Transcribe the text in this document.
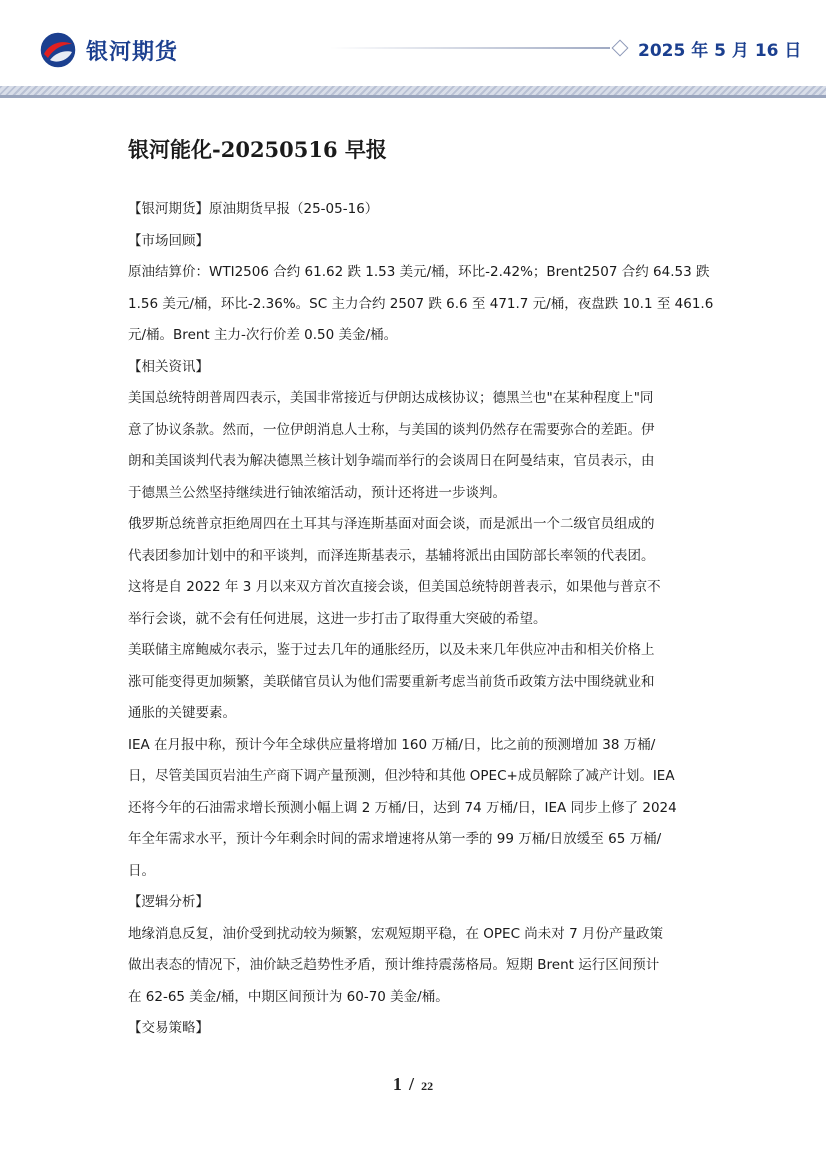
银河期货	2025 年 5 月 16 日
银河能化-20250516 早报
【银河期货】原油期货早报（25-05-16）
【市场回顾】
原油结算价：WTI2506 合约 61.62 跌 1.53 美元/桶，环比-2.42%；Brent2507 合约 64.53 跌
1.56 美元/桶，环比-2.36%。SC 主力合约 2507 跌 6.6 至 471.7 元/桶，夜盘跌 10.1 至 461.6
元/桶。Brent 主力-次行价差 0.50 美金/桶。
【相关资讯】
美国总统特朗普周四表示，美国非常接近与伊朗达成核协议；德黑兰也"在某种程度上"同
意了协议条款。然而，一位伊朗消息人士称，与美国的谈判仍然存在需要弥合的差距。伊
朗和美国谈判代表为解决德黑兰核计划争端而举行的会谈周日在阿曼结束，官员表示，由
于德黑兰公然坚持继续进行铀浓缩活动，预计还将进一步谈判。
俄罗斯总统普京拒绝周四在土耳其与泽连斯基面对面会谈，而是派出一个二级官员组成的
代表团参加计划中的和平谈判，而泽连斯基表示，基辅将派出由国防部长率领的代表团。
这将是自 2022 年 3 月以来双方首次直接会谈，但美国总统特朗普表示，如果他与普京不
举行会谈，就不会有任何进展，这进一步打击了取得重大突破的希望。
美联储主席鲍威尔表示，鉴于过去几年的通胀经历，以及未来几年供应冲击和相关价格上
涨可能变得更加频繁，美联储官员认为他们需要重新考虑当前货币政策方法中围绕就业和
通胀的关键要素。
IEA 在月报中称，预计今年全球供应量将增加 160 万桶/日，比之前的预测增加 38 万桶/
日，尽管美国页岩油生产商下调产量预测，但沙特和其他 OPEC+成员解除了减产计划。IEA
还将今年的石油需求增长预测小幅上调 2 万桶/日，达到 74 万桶/日，IEA 同步上修了 2024
年全年需求水平，预计今年剩余时间的需求增速将从第一季的 99 万桶/日放缓至 65 万桶/
日。
【逻辑分析】
地缘消息反复，油价受到扰动较为频繁，宏观短期平稳，在 OPEC 尚未对 7 月份产量政策
做出表态的情况下，油价缺乏趋势性矛盾，预计维持震荡格局。短期 Brent 运行区间预计
在 62-65 美金/桶，中期区间预计为 60-70 美金/桶。
【交易策略】
1 / 22
